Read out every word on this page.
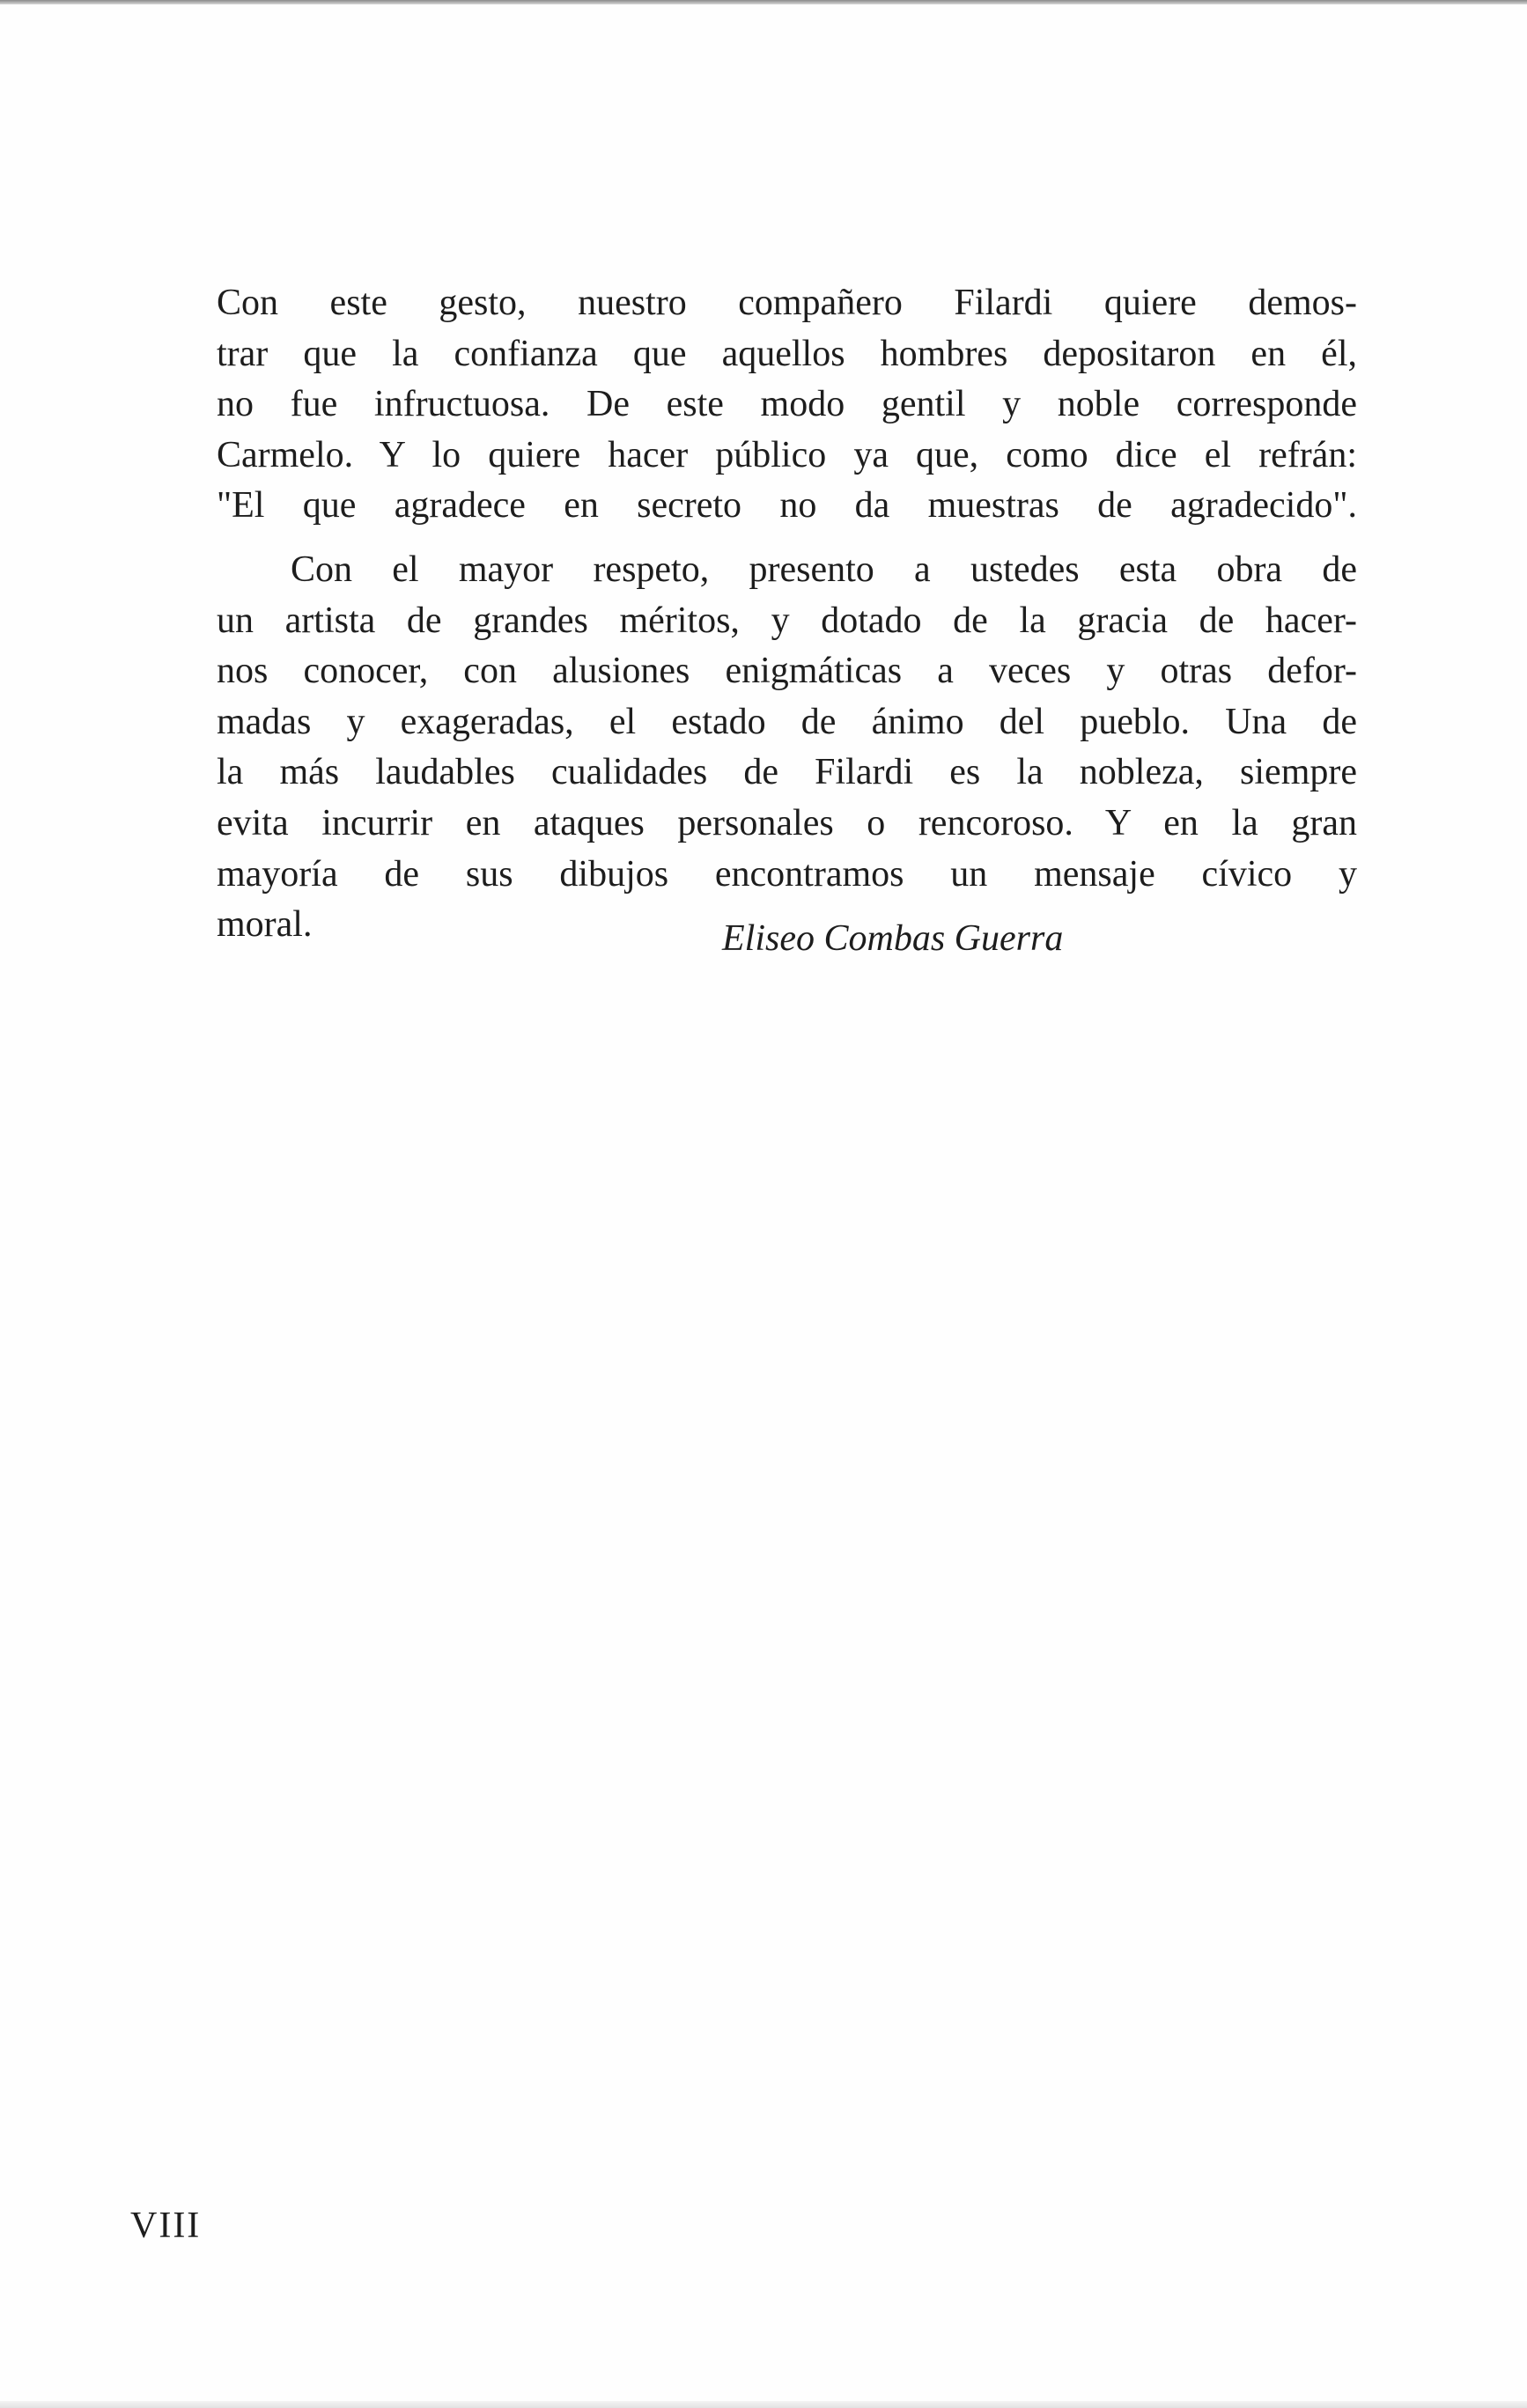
Con este gesto, nuestro compañero Filardi quiere demos-
trar que la confianza que aquellos hombres depositaron en él,
no fue infructuosa. De este modo gentil y noble corresponde
Carmelo. Y lo quiere hacer público ya que, como dice el refrán:
"El que agradece en secreto no da muestras de agradecido".
Con el mayor respeto, presento a ustedes esta obra de
un artista de grandes méritos, y dotado de la gracia de hacer-
nos conocer, con alusiones enigmáticas a veces y otras defor-
madas y exageradas, el estado de ánimo del pueblo. Una de
la más laudables cualidades de Filardi es la nobleza, siempre
evita incurrir en ataques personales o rencoroso. Y en la gran
mayoría de sus dibujos encontramos un mensaje cívico y
moral.	Eliseo Combas Guerra
VIII
